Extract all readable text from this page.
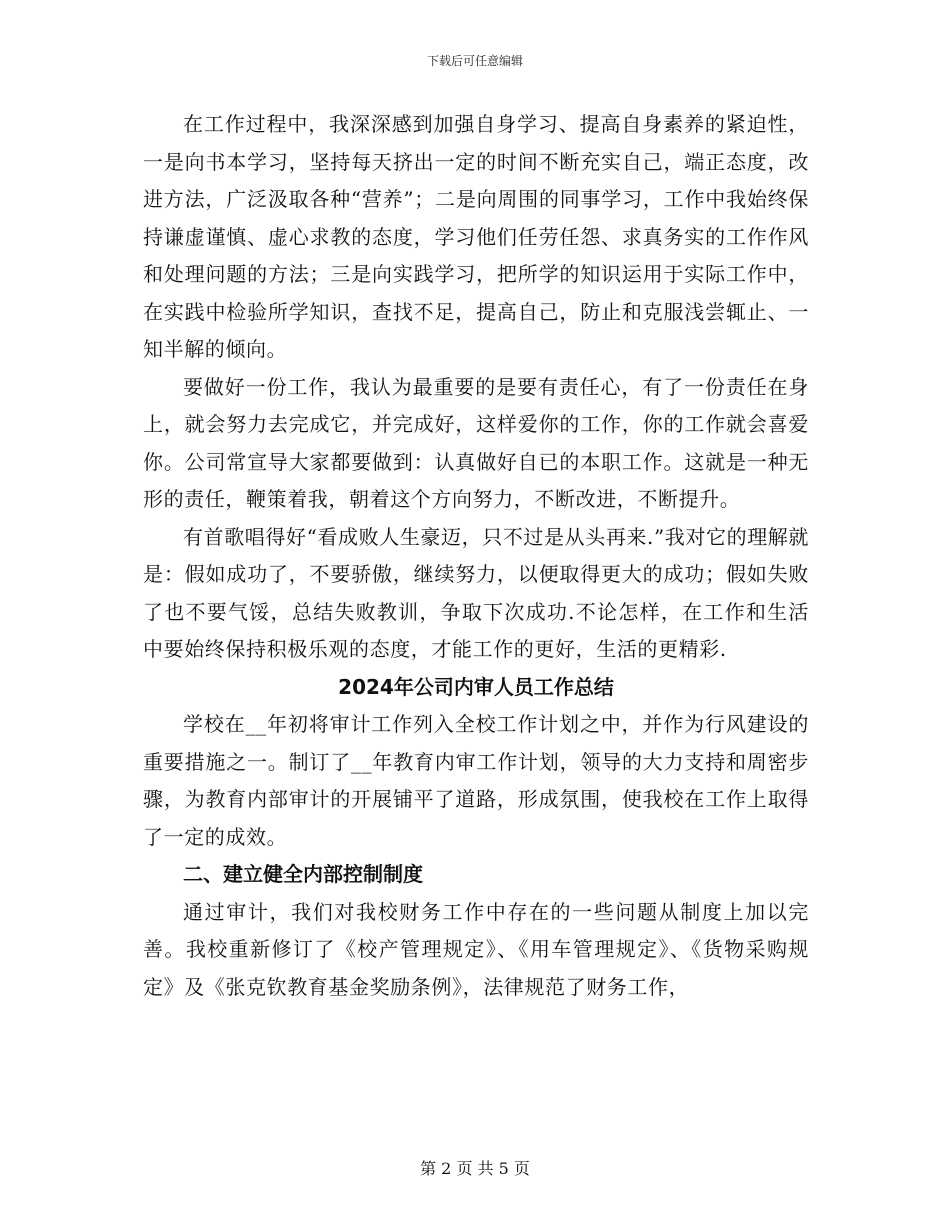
下载后可任意编辑

在工作过程中，我深深感到加强自身学习、提高自身素养的紧迫性，一是向书本学习，坚持每天挤出一定的时间不断充实自己，端正态度，改进方法，广泛汲取各种“营养”；二是向周围的同事学习，工作中我始终保持谦虚谨慎、虚心求教的态度，学习他们任劳任怨、求真务实的工作作风和处理问题的方法；三是向实践学习，把所学的知识运用于实际工作中，在实践中检验所学知识，查找不足，提高自己，防止和克服浅尝辄止、一知半解的倾向。

要做好一份工作，我认为最重要的是要有责任心，有了一份责任在身上，就会努力去完成它，并完成好，这样爱你的工作，你的工作就会喜爱你。公司常宣导大家都要做到：认真做好自已的本职工作。这就是一种无形的责任，鞭策着我，朝着这个方向努力，不断改进，不断提升。

有首歌唱得好“看成败人生豪迈，只不过是从头再来.”我对它的理解就是：假如成功了，不要骄傲，继续努力，以便取得更大的成功；假如失败了也不要气馁，总结失败教训，争取下次成功.不论怎样，在工作和生活中要始终保持积极乐观的态度，才能工作的更好，生活的更精彩.

2024年公司内审人员工作总结

学校在__年初将审计工作列入全校工作计划之中，并作为行风建设的重要措施之一。制订了__年教育内审工作计划，领导的大力支持和周密步骤，为教育内部审计的开展铺平了道路，形成氛围，使我校在工作上取得了一定的成效。

二、建立健全内部控制制度

通过审计，我们对我校财务工作中存在的一些问题从制度上加以完善。我校重新修订了《校产管理规定》、《用车管理规定》、《货物采购规定》及《张克钦教育基金奖励条例》，法律规范了财务工作，

第 2 页 共 5 页
